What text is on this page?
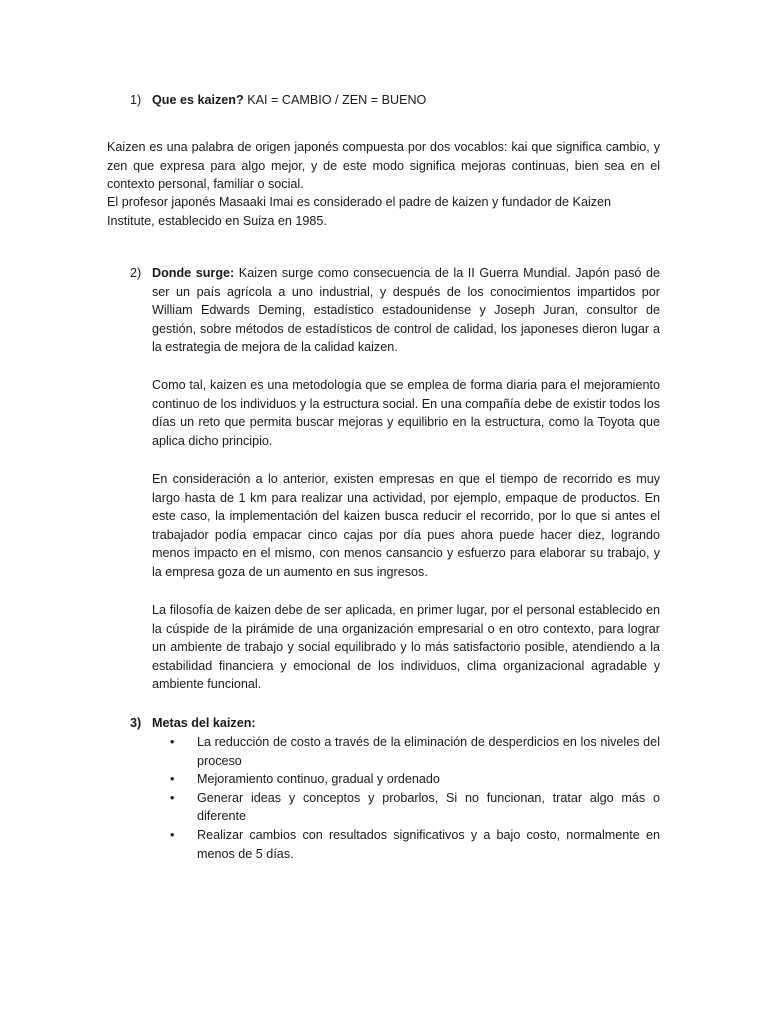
1) Que es kaizen? KAI = CAMBIO / ZEN = BUENO

Kaizen es una palabra de origen japonés compuesta por dos vocablos: kai que significa cambio, y zen que expresa para algo mejor, y de este modo significa mejoras continuas, bien sea en el contexto personal, familiar o social.

El profesor japonés Masaaki Imai es considerado el padre de kaizen y fundador de Kaizen Institute, establecido en Suiza en 1985.

2) Donde surge: Kaizen surge como consecuencia de la II Guerra Mundial. Japón pasó de ser un país agrícola a uno industrial, y después de los conocimientos impartidos por William Edwards Deming, estadístico estadounidense y Joseph Juran, consultor de gestión, sobre métodos de estadísticos de control de calidad, los japoneses dieron lugar a la estrategia de mejora de la calidad kaizen.

Como tal, kaizen es una metodología que se emplea de forma diaria para el mejoramiento continuo de los individuos y la estructura social. En una compañía debe de existir todos los días un reto que permita buscar mejoras y equilibrio en la estructura, como la Toyota que aplica dicho principio.

En consideración a lo anterior, existen empresas en que el tiempo de recorrido es muy largo hasta de 1 km para realizar una actividad, por ejemplo, empaque de productos. En este caso, la implementación del kaizen busca reducir el recorrido, por lo que si antes el trabajador podía empacar cinco cajas por día pues ahora puede hacer diez, logrando menos impacto en el mismo, con menos cansancio y esfuerzo para elaborar su trabajo, y la empresa goza de un aumento en sus ingresos.

La filosofía de kaizen debe de ser aplicada, en primer lugar, por el personal establecido en la cúspide de la pirámide de una organización empresarial o en otro contexto, para lograr un ambiente de trabajo y social equilibrado y lo más satisfactorio posible, atendiendo a la estabilidad financiera y emocional de los individuos, clima organizacional agradable y ambiente funcional.

3) Metas del kaizen:
• La reducción de costo a través de la eliminación de desperdicios en los niveles del proceso
• Mejoramiento continuo, gradual y ordenado
• Generar ideas y conceptos y probarlos, Si no funcionan, tratar algo más o diferente
• Realizar cambios con resultados significativos y a bajo costo, normalmente en menos de 5 días.
